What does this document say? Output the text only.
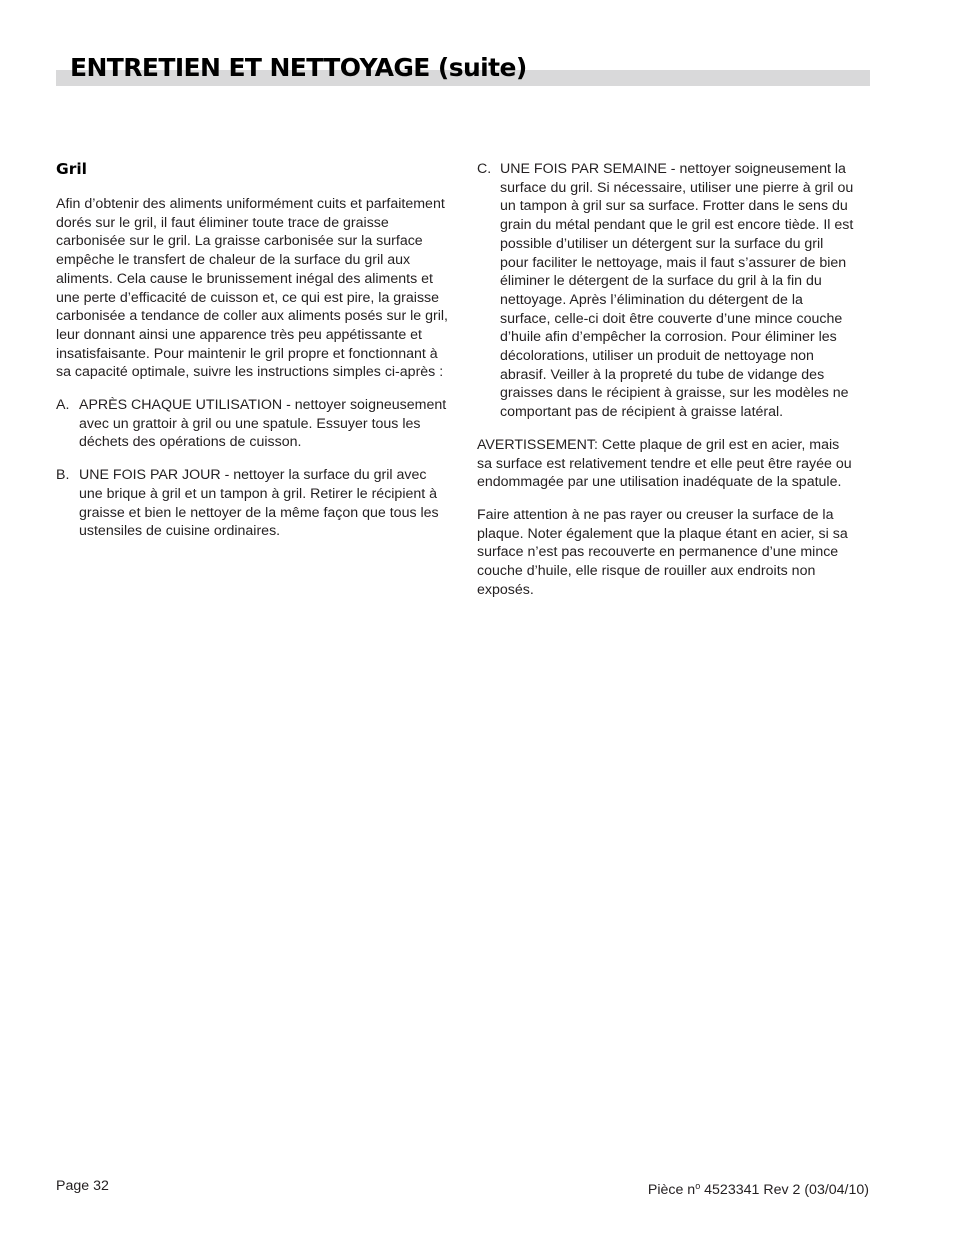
ENTRETIEN ET NETTOYAGE (suite)
Gril

Afin d’obtenir des aliments uniformément cuits et parfaitement dorés sur le gril, il faut éliminer toute trace de graisse carbonisée sur le gril. La graisse carbonisée sur la surface empêche le transfert de chaleur de la surface du gril aux aliments. Cela cause le brunissement inégal des aliments et une perte d’efficacité de cuisson et, ce qui est pire, la graisse carbonisée a tendance de coller aux aliments posés sur le gril, leur donnant ainsi une apparence très peu appétissante et insatisfaisante. Pour maintenir le gril propre et fonctionnant à sa capacité optimale, suivre les instructions simples ci-après :

A. APRÈS CHAQUE UTILISATION - nettoyer soigneusement avec un grattoir à gril ou une spatule. Essuyer tous les déchets des opérations de cuisson.
B. UNE FOIS PAR JOUR - nettoyer la surface du gril avec une brique à gril et un tampon à gril. Retirer le récipient à graisse et bien le nettoyer de la même façon que tous les ustensiles de cuisine ordinaires.
C. UNE FOIS PAR SEMAINE - nettoyer soigneusement la surface du gril. Si nécessaire, utiliser une pierre à gril ou un tampon à gril sur sa surface. Frotter dans le sens du grain du métal pendant que le gril est encore tiède. Il est possible d’utiliser un détergent sur la surface du gril pour faciliter le nettoyage, mais il faut s’assurer de bien éliminer le détergent de la surface du gril à la fin du nettoyage. Après l’élimination du détergent de la surface, celle-ci doit être couverte d’une mince couche d’huile afin d’empêcher la corrosion. Pour éliminer les décolorations, utiliser un produit de nettoyage non abrasif. Veiller à la propreté du tube de vidange des graisses dans le récipient à graisse, sur les modèles ne comportant pas de récipient à graisse latéral.

AVERTISSEMENT: Cette plaque de gril est en acier, mais sa surface est relativement tendre et elle peut être rayée ou endommagée par une utilisation inadéquate de la spatule.

Faire attention à ne pas rayer ou creuser la surface de la plaque. Noter également que la plaque étant en acier, si sa surface n’est pas recouverte en permanence d’une mince couche d’huile, elle risque de rouiller aux endroits non exposés.

Page 32	Pièce $n^o$ 4523341 Rev 2 (03/04/10)
